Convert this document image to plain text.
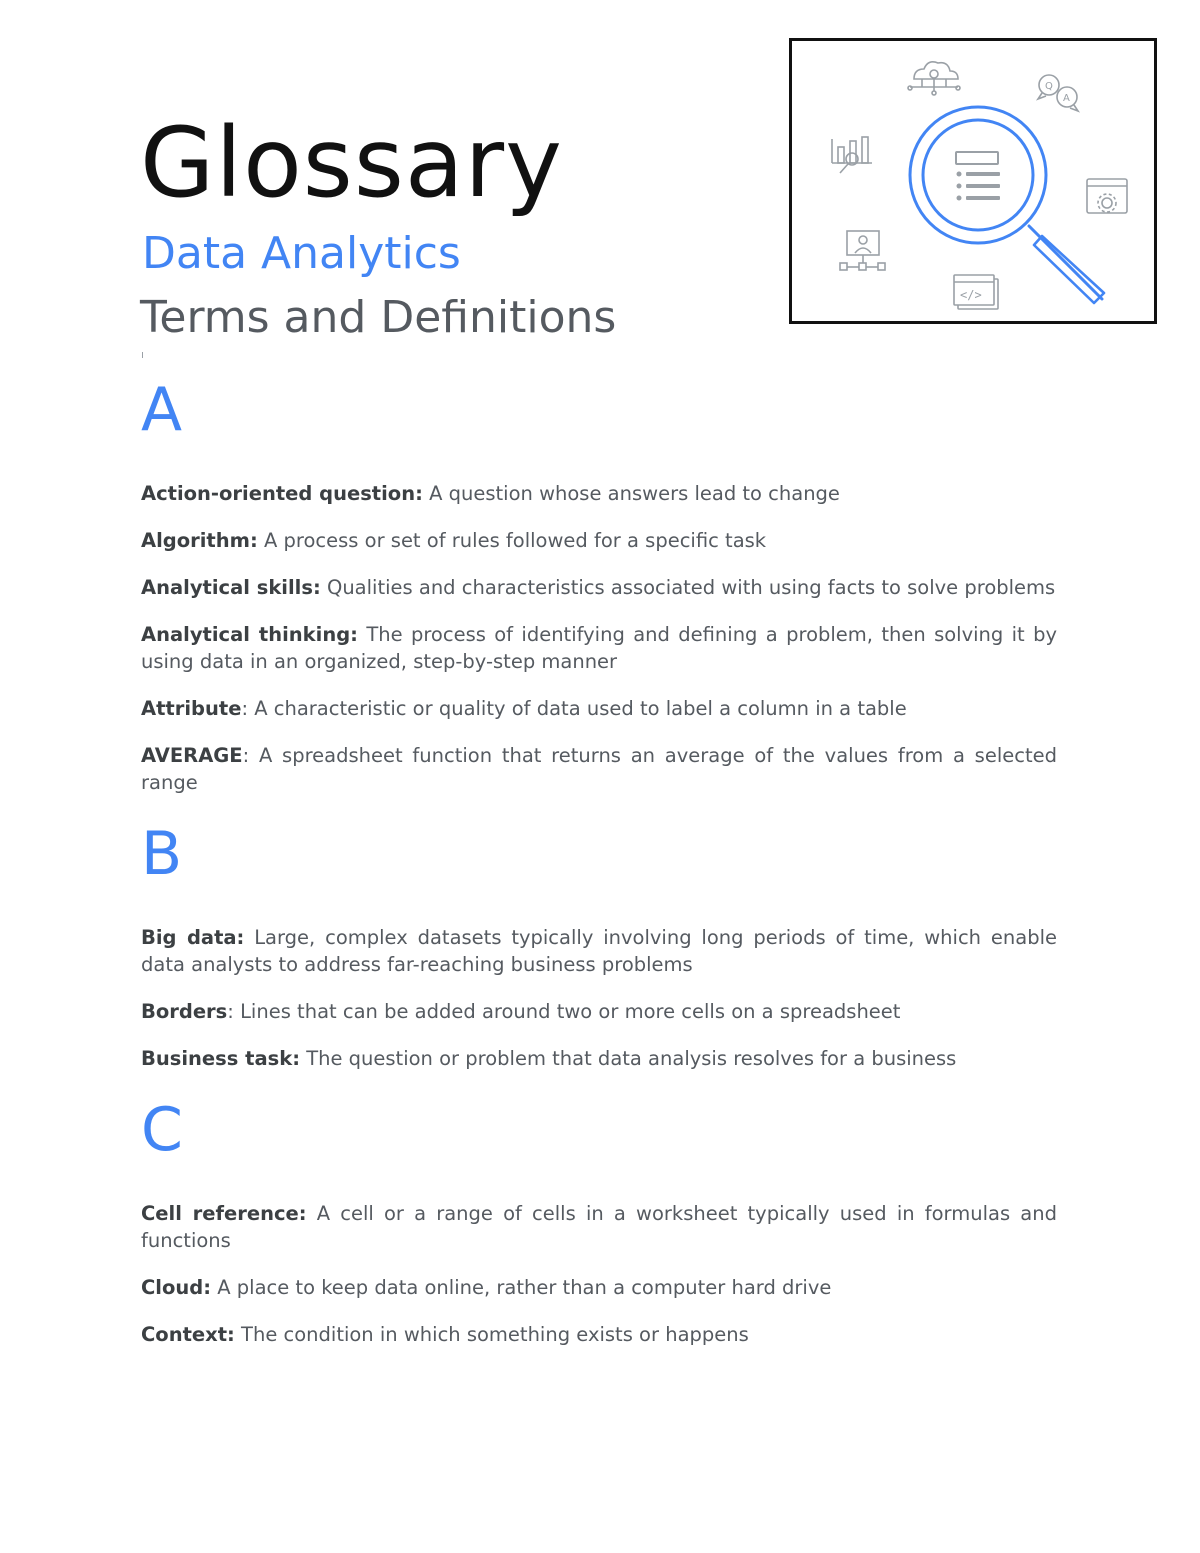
Glossary
Data Analytics
Terms and Definitions
Q
A
</>
A

Action-oriented question: A question whose answers lead to change

Algorithm: A process or set of rules followed for a specific task

Analytical skills: Qualities and characteristics associated with using facts to solve problems

Analytical thinking: The process of identifying and defining a problem, then solving it by using data in an organized, step-by-step manner

Attribute: A characteristic or quality of data used to label a column in a table

AVERAGE: A spreadsheet function that returns an average of the values from a selected range

B

Big data: Large, complex datasets typically involving long periods of time, which enable data analysts to address far-reaching business problems

Borders: Lines that can be added around two or more cells on a spreadsheet

Business task: The question or problem that data analysis resolves for a business

C

Cell reference: A cell or a range of cells in a worksheet typically used in formulas and functions

Cloud: A place to keep data online, rather than a computer hard drive

Context: The condition in which something exists or happens
